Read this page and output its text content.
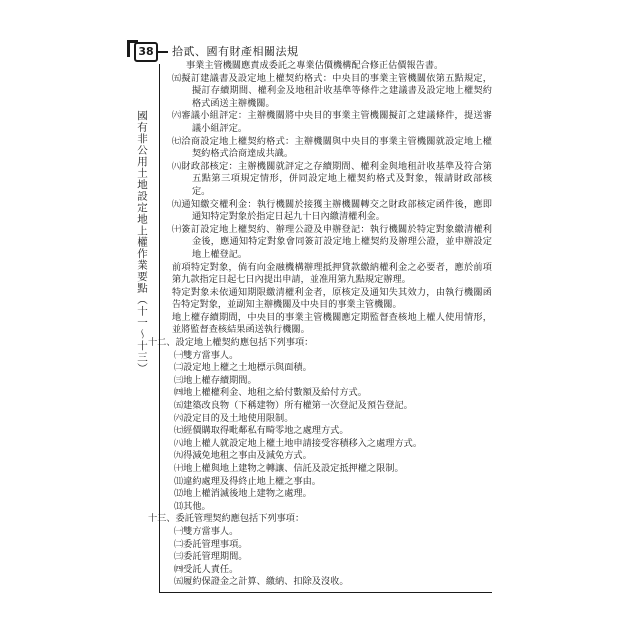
38	拾貳、國有財產相關法規
國有非公用土地設定地上權作業要點（十一～十三）

事業主管機關應責成委託之專業估價機構配合修正估價報告書。

㈤擬訂建議書及設定地上權契約格式：中央目的事業主管機關依第五點規定，擬訂存續期間、權利金及地租計收基準等條件之建議書及設定地上權契約格式函送主辦機關。

㈥審議小組評定：主辦機關將中央目的事業主管機關擬訂之建議條件，提送審議小組評定。

㈦洽商設定地上權契約格式：主辦機關與中央目的事業主管機關就設定地上權契約格式洽商達成共識。

㈧財政部核定：主辦機關就評定之存續期間、權利金與地租計收基準及符合第五點第三項規定情形，併同設定地上權契約格式及對象，報請財政部核定。

㈨通知繳交權利金：執行機關於接獲主辦機關轉交之財政部核定函件後，應即通知特定對象於指定日起九十日內繳清權利金。

㈩簽訂設定地上權契約、辦理公證及申辦登記：執行機關於特定對象繳清權利金後，應通知特定對象會同簽訂設定地上權契約及辦理公證，並申辦設定地上權登記。

前項特定對象，倘有向金融機構辦理抵押貸款繳納權利金之必要者，應於前項第九款指定日起七日內提出申請，並准用第九點規定辦理。

特定對象未依通知期限繳清權利金者，原核定及通知失其效力，由執行機關函告特定對象，並副知主辦機關及中央目的事業主管機關。

地上權存續期間，中央目的事業主管機關應定期監督查核地上權人使用情形，並將監督查核結果函送執行機關。

十二、設定地上權契約應包括下列事項：

㈠雙方當事人。

㈡設定地上權之土地標示與面積。

㈢地上權存續期間。

㈣地上權權利金、地租之給付數額及給付方式。

㈤建築改良物（下稱建物）所有權第一次登記及預告登記。

㈥設定目的及土地使用限制。

㈦經價購取得毗鄰私有畸零地之處理方式。

㈧地上權人就設定地上權土地申請接受容積移入之處理方式。

㈨得減免地租之事由及減免方式。

㈩地上權與地上建物之轉讓、信託及設定抵押權之限制。

⑾違約處理及得終止地上權之事由。

⑿地上權消滅後地上建物之處理。

⒀其他。

十三、委託管理契約應包括下列事項：

㈠雙方當事人。

㈡委託管理事項。

㈢委託管理期間。

㈣受託人責任。

㈤履約保證金之計算、繳納、扣除及沒收。
